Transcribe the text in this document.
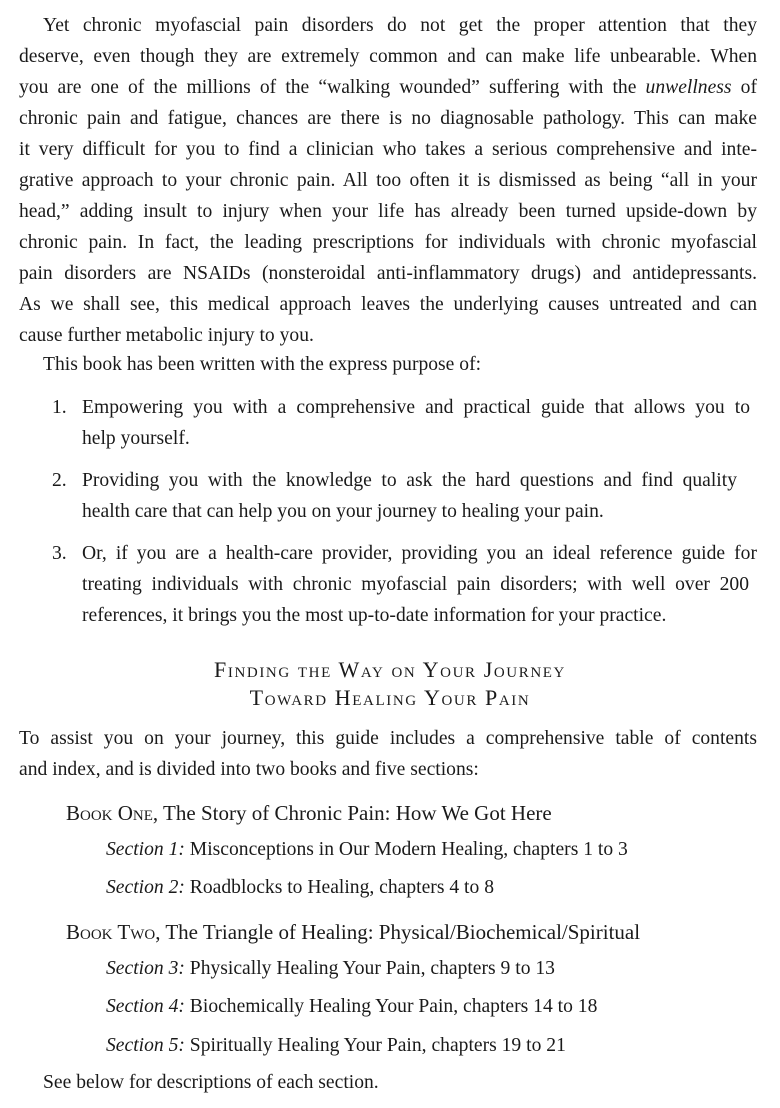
Yet chronic myofascial pain disorders do not get the proper attention that they
deserve, even though they are extremely common and can make life unbearable. When
you are one of the millions of the “walking wounded” suffering with the unwellness of
chronic pain and fatigue, chances are there is no diagnosable pathology. This can make
it very difficult for you to find a clinician who takes a serious comprehensive and inte-
grative approach to your chronic pain. All too often it is dismissed as being “all in your
head,” adding insult to injury when your life has already been turned upside-down by
chronic pain. In fact, the leading prescriptions for individuals with chronic myofascial
pain disorders are NSAIDs (nonsteroidal anti-inflammatory drugs) and antidepressants.
As we shall see, this medical approach leaves the underlying causes untreated and can
cause further metabolic injury to you.
This book has been written with the express purpose of:
1. Empowering you with a comprehensive and practical guide that allows you to
help yourself.
2. Providing you with the knowledge to ask the hard questions and find quality
health care that can help you on your journey to healing your pain.
3. Or, if you are a health-care provider, providing you an ideal reference guide for
treating individuals with chronic myofascial pain disorders; with well over 200
references, it brings you the most up-to-date information for your practice.
Finding the Way on Your Journey
Toward Healing Your Pain
To assist you on your journey, this guide includes a comprehensive table of contents
and index, and is divided into two books and five sections:
Book One, The Story of Chronic Pain: How We Got Here
Section 1: Misconceptions in Our Modern Healing, chapters 1 to 3
Section 2: Roadblocks to Healing, chapters 4 to 8
Book Two, The Triangle of Healing: Physical/Biochemical/Spiritual
Section 3: Physically Healing Your Pain, chapters 9 to 13
Section 4: Biochemically Healing Your Pain, chapters 14 to 18
Section 5: Spiritually Healing Your Pain, chapters 19 to 21
See below for descriptions of each section.
